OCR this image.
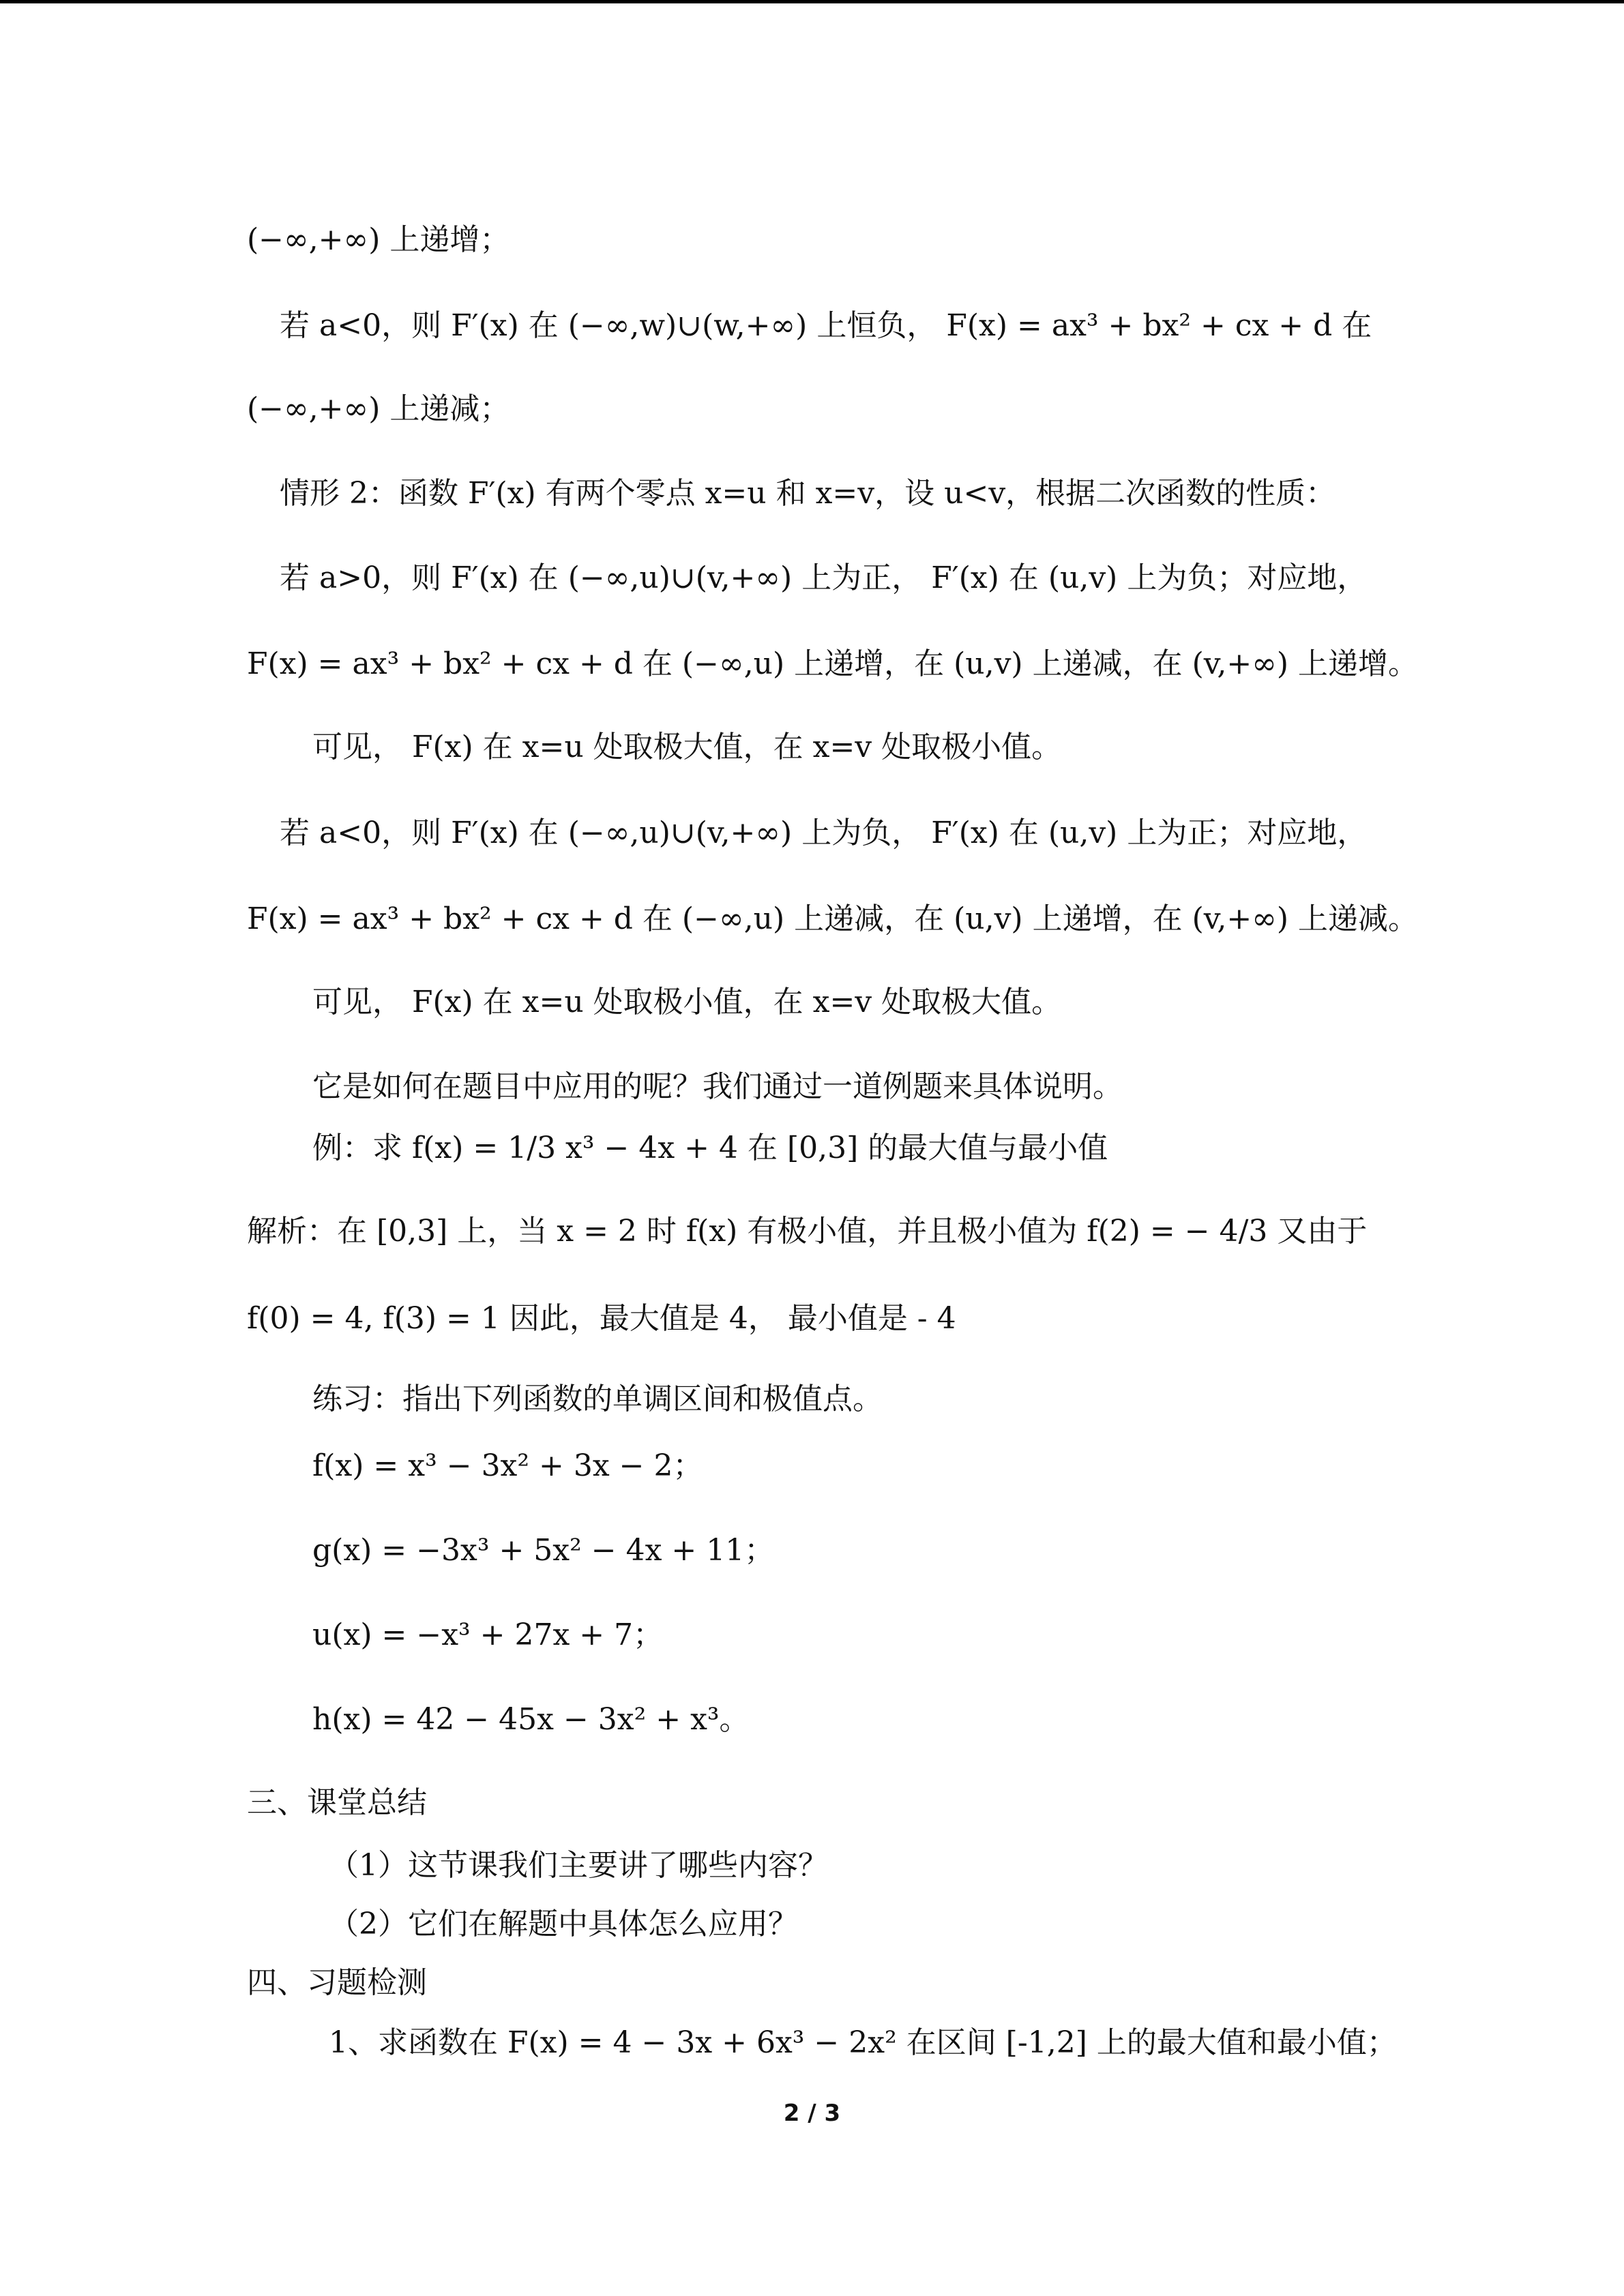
(−∞,+∞) 上递增；
若 a<0，则 F′(x) 在 (−∞,w)∪(w,+∞) 上恒负， F(x) = ax³ + bx² + cx + d 在
(−∞,+∞) 上递减；
情形 2：函数 F′(x) 有两个零点 x=u 和 x=v，设 u<v，根据二次函数的性质：
若 a>0，则 F′(x) 在 (−∞,u)∪(v,+∞) 上为正， F′(x) 在 (u,v) 上为负；对应地，
F(x) = ax³ + bx² + cx + d 在 (−∞,u) 上递增，在 (u,v) 上递减，在 (v,+∞) 上递增。
可见， F(x) 在 x=u 处取极大值，在 x=v 处取极小值。
若 a<0，则 F′(x) 在 (−∞,u)∪(v,+∞) 上为负， F′(x) 在 (u,v) 上为正；对应地，
F(x) = ax³ + bx² + cx + d 在 (−∞,u) 上递减，在 (u,v) 上递增，在 (v,+∞) 上递减。
可见， F(x) 在 x=u 处取极小值，在 x=v 处取极大值。
它是如何在题目中应用的呢？我们通过一道例题来具体说明。
例：求 f(x) = 1/3 x³ − 4x + 4 在 [0,3] 的最大值与最小值
解析：在 [0,3] 上，当 x = 2 时 f(x) 有极小值，并且极小值为 f(2) = − 4/3 又由于
f(0) = 4, f(3) = 1 因此，最大值是 4， 最小值是 - 4
练习：指出下列函数的单调区间和极值点。
f(x) = x³ − 3x² + 3x − 2；
g(x) = −3x³ + 5x² − 4x + 11；
u(x) = −x³ + 27x + 7；
h(x) = 42 − 45x − 3x² + x³。
三、课堂总结
（1）这节课我们主要讲了哪些内容？
（2）它们在解题中具体怎么应用？
四、习题检测
1、求函数在 F(x) = 4 − 3x + 6x³ − 2x² 在区间 [-1,2] 上的最大值和最小值；
2 / 3
